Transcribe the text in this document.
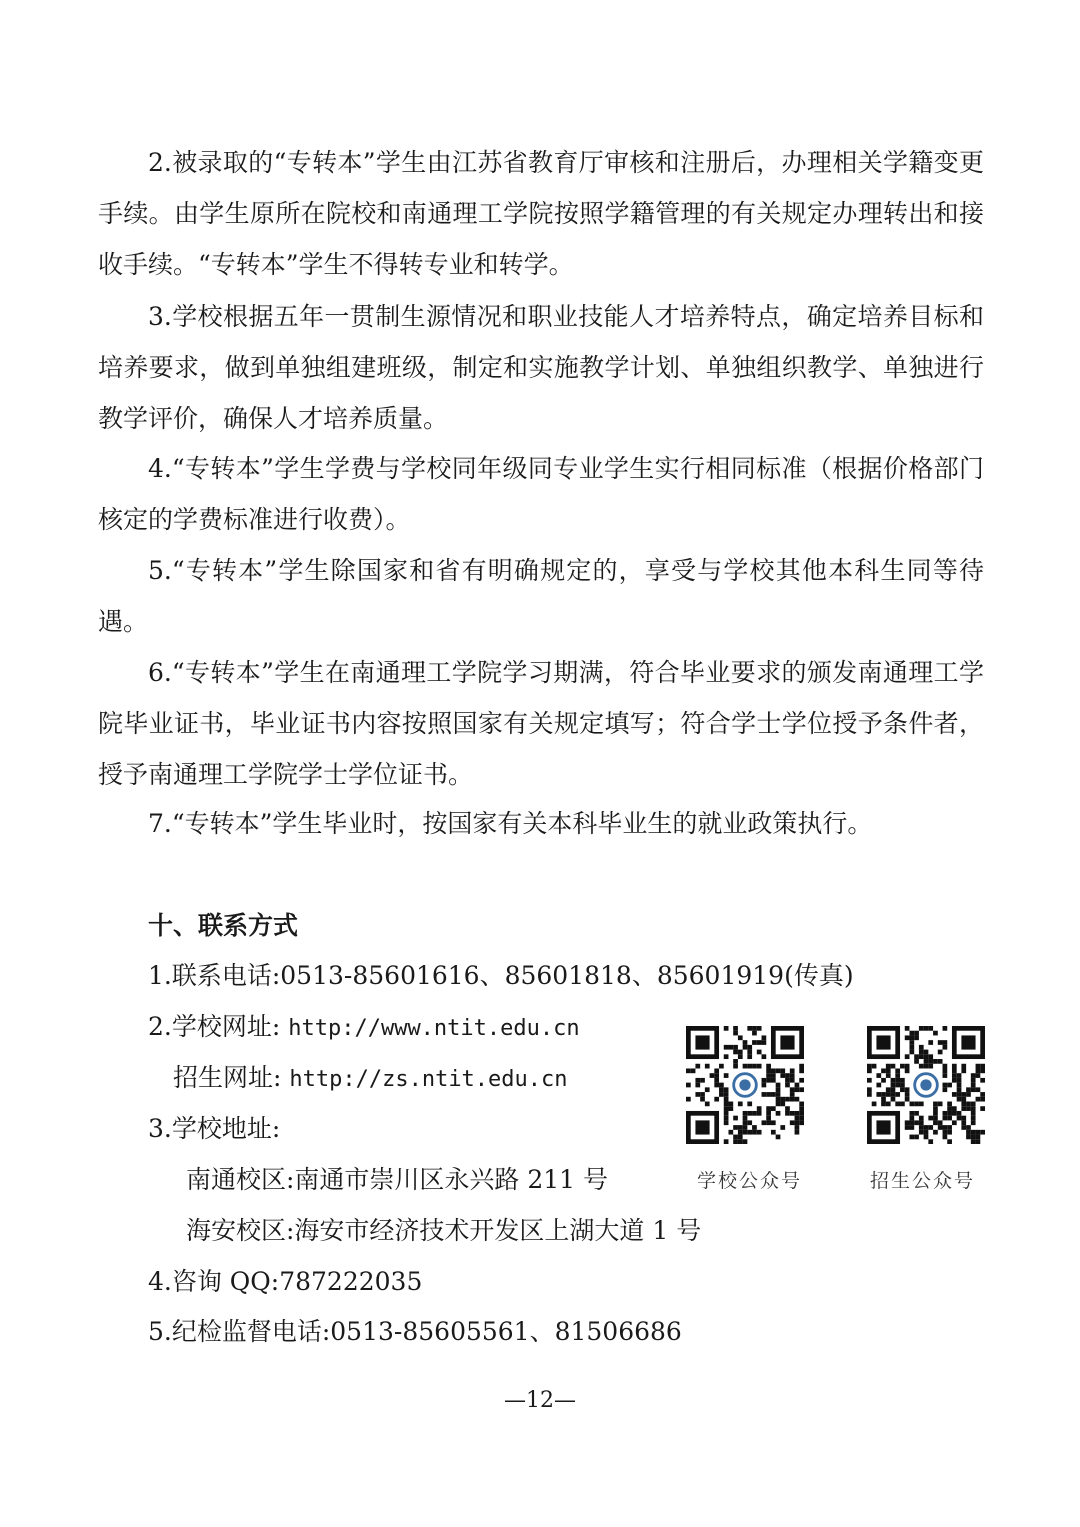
2.被录取的“专转本”学生由江苏省教育厅审核和注册后，办理相关学籍变更手续。由学生原所在院校和南通理工学院按照学籍管理的有关规定办理转出和接收手续。“专转本”学生不得转专业和转学。

3.学校根据五年一贯制生源情况和职业技能人才培养特点，确定培养目标和培养要求，做到单独组建班级，制定和实施教学计划、单独组织教学、单独进行教学评价，确保人才培养质量。

4.“专转本”学生学费与学校同年级同专业学生实行相同标准（根据价格部门核定的学费标准进行收费）。

5.“专转本”学生除国家和省有明确规定的，享受与学校其他本科生同等待遇。

6.“专转本”学生在南通理工学院学习期满，符合毕业要求的颁发南通理工学院毕业证书，毕业证书内容按照国家有关规定填写；符合学士学位授予条件者，授予南通理工学院学士学位证书。

7.“专转本”学生毕业时，按国家有关本科毕业生的就业政策执行。

十、联系方式

1.联系电话:0513-85601616、85601818、85601919(传真)

2.学校网址: http://www.ntit.edu.cn

招生网址: http://zs.ntit.edu.cn

3.学校地址:

南通校区:南通市崇川区永兴路 211 号

海安校区:海安市经济技术开发区上湖大道 1 号

4.咨询 QQ:787222035

5.纪检监督电话:0513-85605561、81506686

学校公众号	招生公众号
—12—
